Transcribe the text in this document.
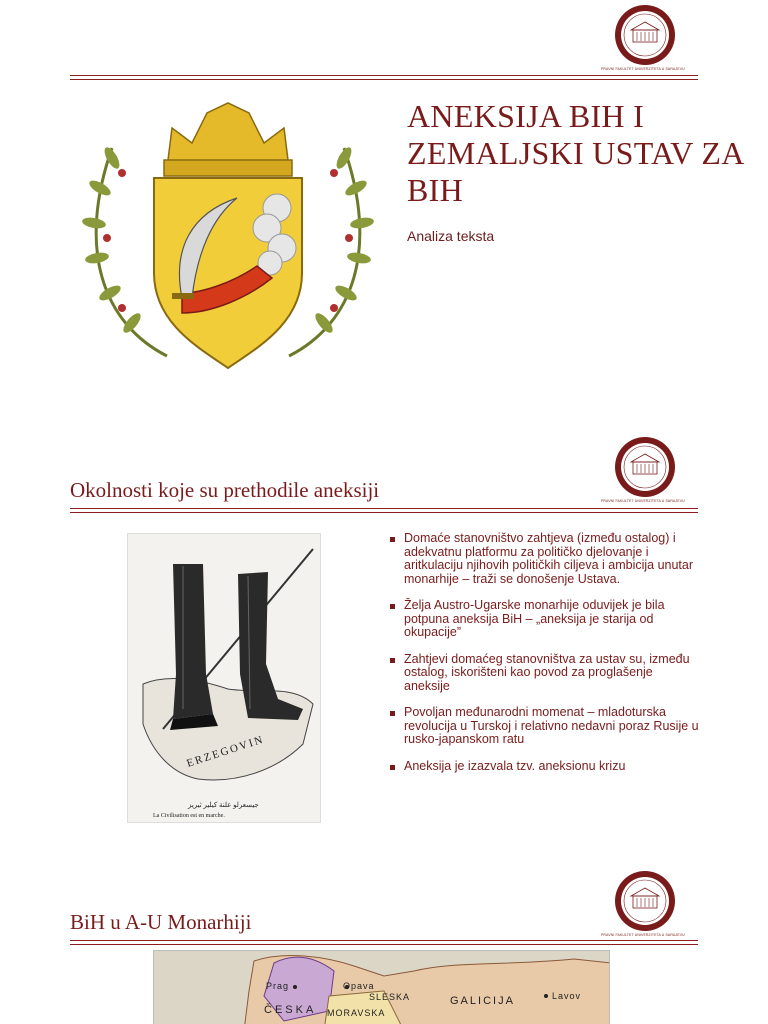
PRAVNI FAKULTET UNIVERZITETA U SARAJEVU
ANEKSIJA BIH I ZEMALJSKI USTAV ZA BIH
Analiza teksta
PRAVNI FAKULTET UNIVERZITETA U SARAJEVU
Okolnosti koje su prethodile aneksiji
ERZEGOVIN
جيسعرلو علنة كيلير ثيريز
La Civilisation est en marche.
Domaće stanovništvo zahtjeva (između ostalog) i adekvatnu platformu za političko djelovanje i aritkulaciju njihovih političkih ciljeva i ambicija unutar monarhije – traži se donošenje Ustava.
Želja Austro-Ugarske monarhije oduvijek je bila potpuna aneksija BiH – „aneksija je starija od okupacije”
Zahtjevi domaćeg stanovništva za ustav su, između ostalog, iskorišteni kao povod za proglašenje aneksije
Povoljan međunarodni momenat – mladoturska revolucija u Turskoj i relativno nedavni poraz Rusije u rusko-japanskom ratu
Aneksija je izazvala tzv. aneksionu krizu
PRAVNI FAKULTET UNIVERZITETA U SARAJEVU
BiH u A-U Monarhiji
Prag	Opava
SLESKA	GALICIJA	Lavov
ČESKA MORAVSKA
